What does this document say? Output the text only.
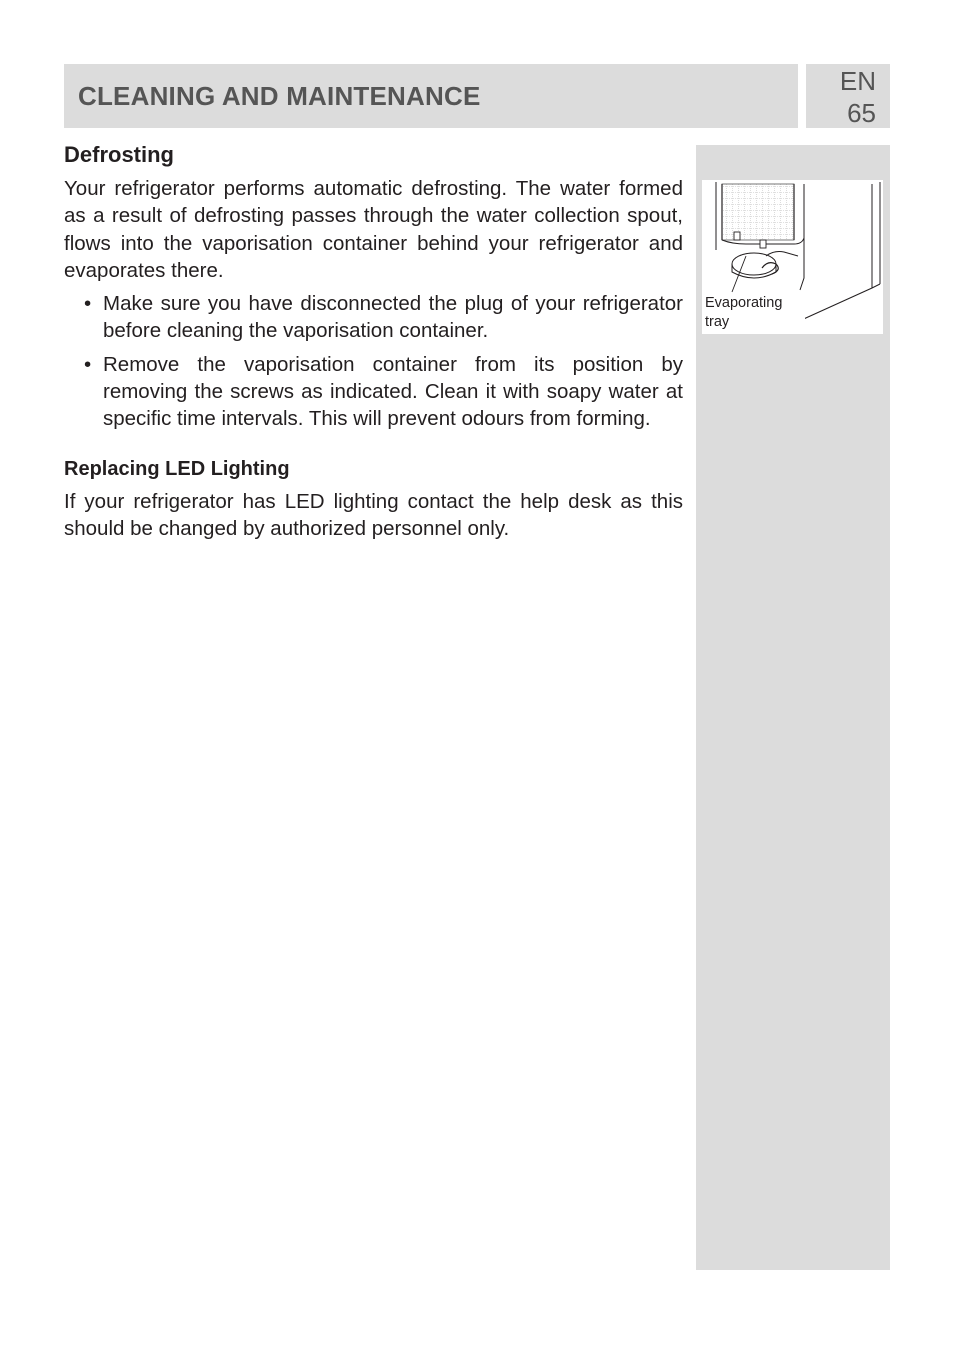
CLEANING AND MAINTENANCE	EN
65
Evaporating
tray
Defrosting

Your refrigerator performs automatic defrosting. The water formed as a result of defrosting passes through the water collection spout, flows into the vaporisation container behind your refrigerator and evaporates there.

• Make sure you have disconnected the plug of your refrigerator before cleaning the vaporisation container.
• Remove the vaporisation container from its position by removing the screws as indicated. Clean it with soapy water at specific time intervals. This will prevent odours from forming.
Replacing LED Lighting

If your refrigerator has LED lighting contact the help desk as this should be changed by authorized personnel only.
